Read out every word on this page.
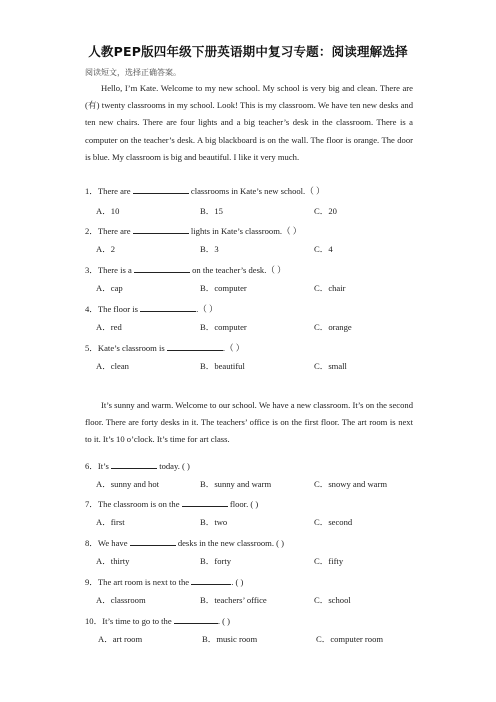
人教PEP版四年级下册英语期中复习专题：阅读理解选择
阅读短文，选择正确答案。

Hello, I’m Kate. Welcome to my new school. My school is very big and clean. There are (有) twenty classrooms in my school. Look! This is my classroom. We have ten new desks and ten new chairs. There are four lights and a big teacher’s desk in the classroom. There is a computer on the teacher’s desk. A big blackboard is on the wall. The floor is orange. The door is blue. My classroom is big and beautiful. I like it very much.

1．There are	classrooms in Kate’s new school.（ ）
A．10	B．15	C．20
2．There are	lights in Kate’s classroom.（ ）
A．2	B．3	C．4
3．There is a	on the teacher’s desk.（ ）
A．cap	B．computer	C．chair
4．The floor is	.（ ）
A．red	B．computer	C．orange
5．Kate’s classroom is	.（ ）
A．clean	B．beautiful	C．small

It’s sunny and warm. Welcome to our school. We have a new classroom. It’s on the second floor. There are forty desks in it. The teachers’ office is on the first floor. The art room is next to it. It’s 10 o’clock. It’s time for art class.

6．It’s	today. ( )
A．sunny and hot	B．sunny and warm	C．snowy and warm
7．The classroom is on the	floor. ( )
A．first	B．two	C．second
8．We have	desks in the new classroom. ( )
A．thirty	B．forty	C．fifty
9．The art room is next to the	. ( )
A．classroom	B．teachers’ office	C．school
10．It’s time to go to the	. ( )
A．art room	B．music room	C．computer room
